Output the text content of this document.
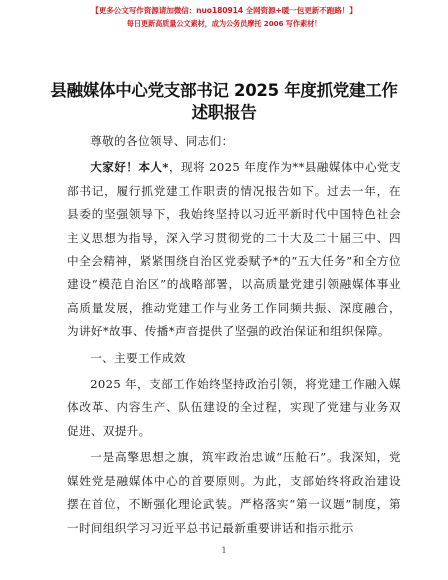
【更多公文写作资源请加微信：nuo180914 全网资源+暖一包更新不跑路！】
每日更新高质量公文素材，成为公务员摩托 2006 写作素材！
县融媒体中心党支部书记 2025 年度抓党建工作
述职报告

尊敬的各位领导、同志们：

大家好！本人*，现将 2025 年度作为**县融媒体中心党支部书记，履行抓党建工作职责的情况报告如下。过去一年，在县委的坚强领导下，我始终坚持以习近平新时代中国特色社会主义思想为指导，深入学习贯彻党的二十大及二十届三中、四中全会精神，紧紧围绕自治区党委赋予*的“五大任务”和全方位建设“模范自治区”的战略部署，以高质量党建引领融媒体事业高质量发展，推动党建工作与业务工作同频共振、深度融合，为讲好*故事、传播*声音提供了坚强的政治保证和组织保障。

一、主要工作成效

2025 年，支部工作始终坚持政治引领，将党建工作融入媒体改革、内容生产、队伍建设的全过程，实现了党建与业务双促进、双提升。

一是高擎思想之旗，筑牢政治忠诚“压舱石”。我深知，党媒姓党是融媒体中心的首要原则。为此，支部始终将政治建设摆在首位，不断强化理论武装。严格落实“第一议题”制度，第一时间组织学习习近平总书记最新重要讲话和指示批示

1
